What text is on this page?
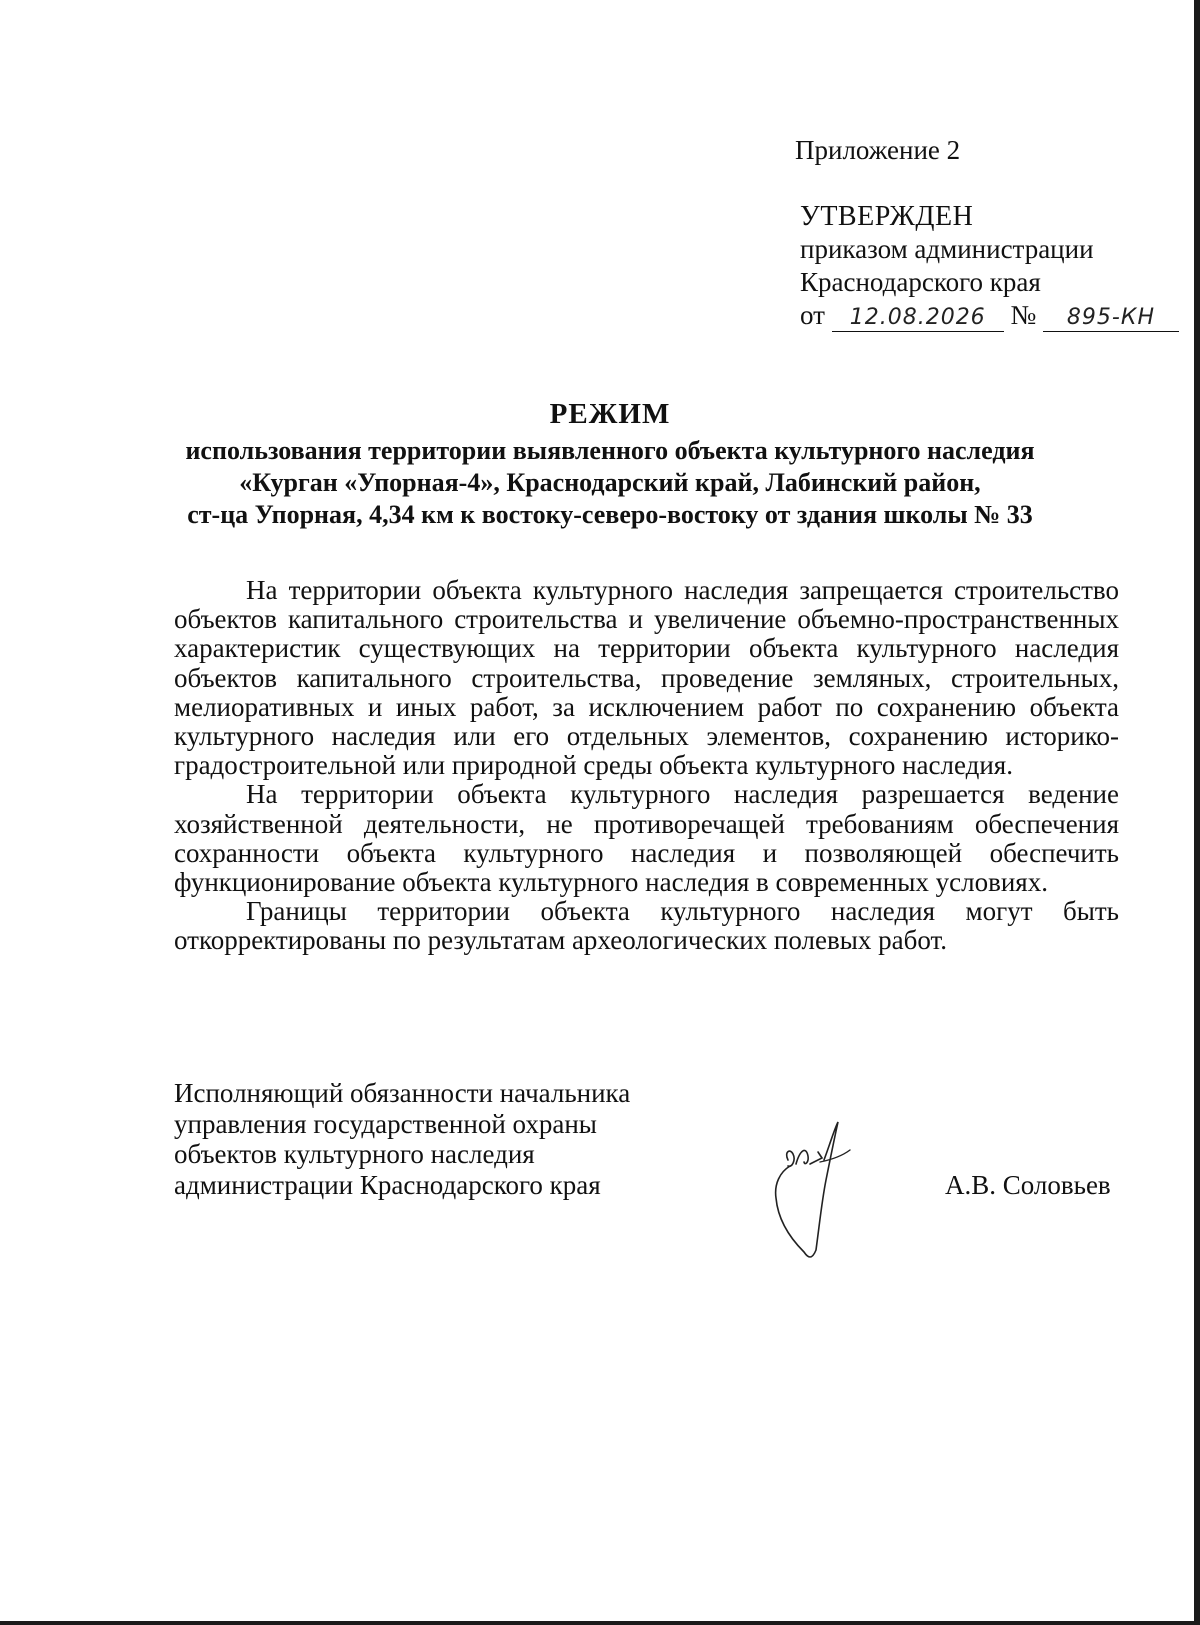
Приложение 2
УТВЕРЖДЕН
приказом администрации
Краснодарского края
от 12.08.2026 № 895-КН
РЕЖИМ
использования территории выявленного объекта культурного наследия
«Курган «Упорная-4», Краснодарский край, Лабинский район,
ст-ца Упорная, 4,34 км к востоку-северо-востоку от здания школы № 33

На территории объекта культурного наследия запрещается строительство объектов капитального строительства и увеличение объемно-пространственных характеристик существующих на территории объекта культурного наследия объектов капитального строительства, проведение земляных, строительных, мелиоративных и иных работ, за исключением работ по сохранению объекта культурного наследия или его отдельных элементов, сохранению историко-градостроительной или природной среды объекта культурного наследия.

На территории объекта культурного наследия разрешается ведение хозяйственной деятельности, не противоречащей требованиям обеспечения сохранности объекта культурного наследия и позволяющей обеспечить функционирование объекта культурного наследия в современных условиях.

Границы территории объекта культурного наследия могут быть откорректированы по результатам археологических полевых работ.

Исполняющий обязанности начальника
управления государственной охраны
объектов культурного наследия
администрации Краснодарского края	А.В. Соловьев
